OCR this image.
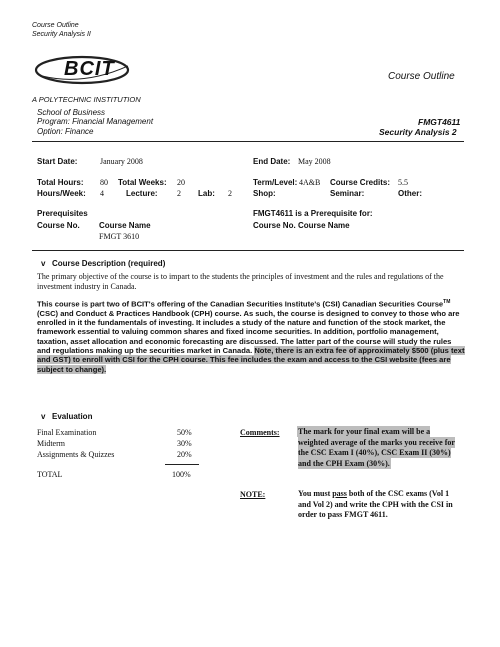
Course Outline
Security Analysis II
BCIT
A POLYTECHNIC INSTITUTION
Course Outline
School of Business
Program: Financial Management
Option: Finance
FMGT4611
Security Analysis 2
Start Date:	January 2008	End Date: May 2008
Total Hours: 80 Total Weeks: 20	Term/Level: 4A&B Course Credits: 5.5
Hours/Week: 4	Lecture: 2 Lab: 2	Shop:	Seminar:	Other:
Prerequisites
Course No. Course Name
FMGT 3610
FMGT4611 is a Prerequisite for:
Course No. Course Name
v Course Description (required)
The primary objective of the course is to impart to the students the principles of investment and the rules and regulations of the investment industry in Canada.
This course is part two of BCIT's offering of the Canadian Securities Institute's (CSI) Canadian Securities Course™ (CSC) and Conduct & Practices Handbook (CPH) course. As such, the course is designed to convey to those who are enrolled in it the fundamentals of investing. It includes a study of the nature and function of the stock market, the framework essential to valuing common shares and fixed income securities. In addition, portfolio management, taxation, asset allocation and economic forecasting are discussed. The latter part of the course will study the rules and regulations making up the securities market in Canada. Note, there is an extra fee of approximately $500 (plus text and GST) to enroll with CSI for the CPH course. This fee includes the exam and access to the CSI website (fees are subject to change).
v Evaluation
Final Examination	50%
Midterm	30%
Assignments & Quizzes	20%
TOTAL	100%
Comments: The mark for your final exam will be a weighted average of the marks you receive for the CSC Exam I (40%), CSC Exam II (30%) and the CPH Exam (30%).
NOTE:	You must pass both of the CSC exams (Vol 1 and Vol 2) and write the CPH with the CSI in order to pass FMGT 4611.
